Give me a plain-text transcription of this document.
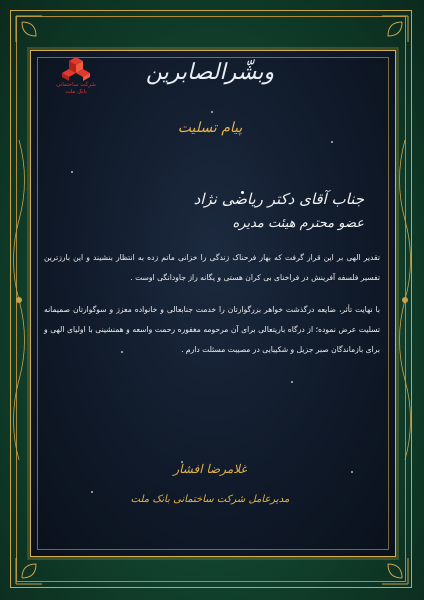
شرکت ساختمانی
بانک ملت
وبشّرالصابرین
پیام تسلیت
جناب آقای دکتر ریاضی نژاد
عضو محترم هیئت مدیره
تقدیر الهی بر این قرار گرفت که بهار فرحناک زندگی را خزانی ماتم زده به انتظار بنشیند و این بارزترین تفسیر فلسفه آفرینش در فراخنای بی کران هستی و یگانه راز جاودانگی اوست .
با نهایت تأثر، ضایعه درگذشت خواهر بزرگوارتان را خدمت جنابعالی و خانواده معزز و سوگوارتان صمیمانه تسلیت عرض نموده؛ از درگاه باریتعالی برای آن مرحومه مغفوره رحمت واسعه و همنشینی با اولیای الهی و برای بازماندگان صبر جزیل و شکیبایی در مصیبت مسئلت دارم .
غلامرضا افشار
مدیرعامل شرکت ساختمانی بانک ملت
